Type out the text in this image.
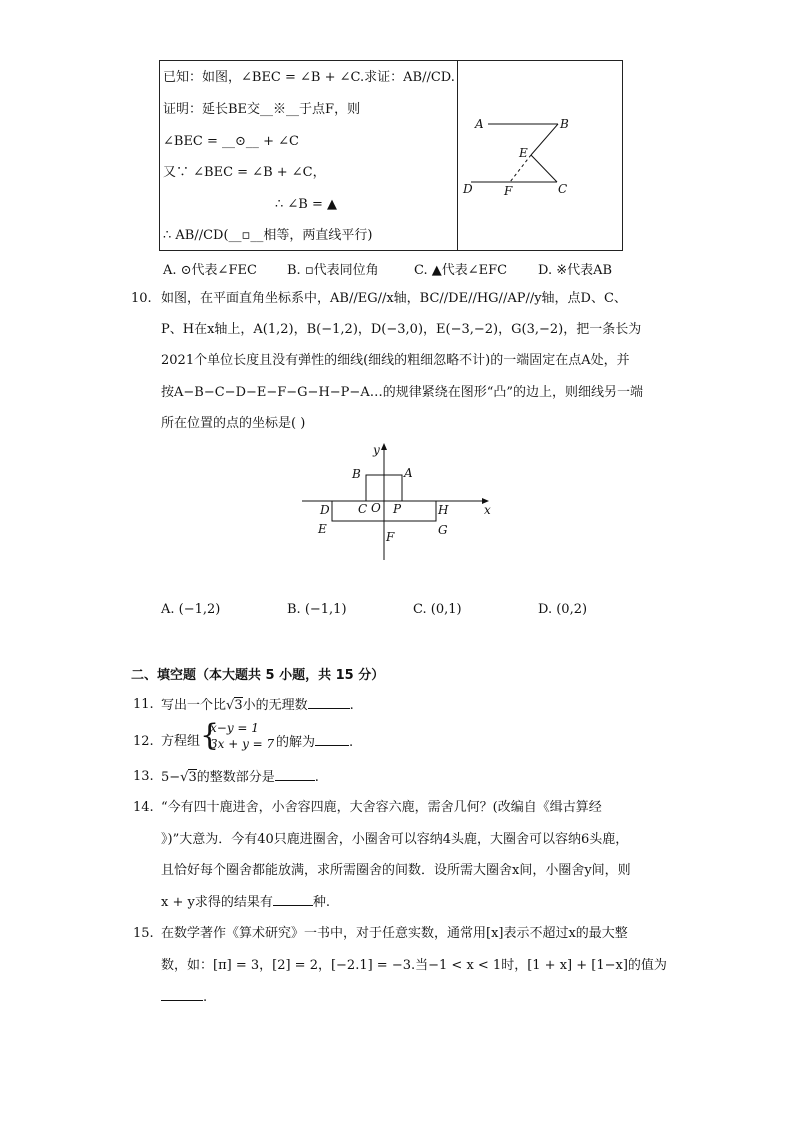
已知：如图，∠BEC = ∠B + ∠C.求证：AB//CD.
证明：延长BE交__※__于点F，则
∠BEC = __⊙__ + ∠C
又∵ ∠BEC = ∠B + ∠C，
∴ ∠B = ▲
∴ AB//CD(__▫__相等，两直线平行)
A	B
E
D	F	C
A. ⊙代表∠FEC B. ▫代表同位角	C. ▲代表∠EFC D. ※代表AB
10. 如图，在平面直角坐标系中，AB//EG//x轴，BC//DE//HG//AP//y轴，点D、C、
P、H在x轴上，A(1,2)，B(−1,2)，D(−3,0)，E(−3,−2)，G(3,−2)，把一条长为
2021个单位长度且没有弹性的细线(细线的粗细忽略不计)的一端固定在点A处，并
按A−B−C−D−E−F−G−H−P−A…的规律紧绕在图形“凸”的边上，则细线另一端
所在位置的点的坐标是( )
y
x
B	A
C O P
D	H
E	G
F
A. (−1,2)	B. (−1,1)	C. (0,1)	D. (0,2)
二、填空题（本大题共 5 小题，共 15 分）
11. 写出一个比√3小的无理数	.
12. 方程组 {
x−y = 1
3x + y = 7 的解为	.
13. 5−√3的整数部分是	.
14. “今有四十鹿进舍，小舍容四鹿，大舍容六鹿，需舍几何？(改编自《缉古算经
》)”大意为．今有40只鹿进圈舍，小圈舍可以容纳4头鹿，大圈舍可以容纳6头鹿，
且恰好每个圈舍都能放满，求所需圈舍的间数．设所需大圈舍x间，小圈舍y间，则
x + y求得的结果有	种.
15. 在数学著作《算术研究》一书中，对于任意实数，通常用[x]表示不超过x的最大整
数，如：[π] = 3，[2] = 2，[−2.1] = −3.当−1 < x < 1时，[1 + x] + [1−x]的值为
.
